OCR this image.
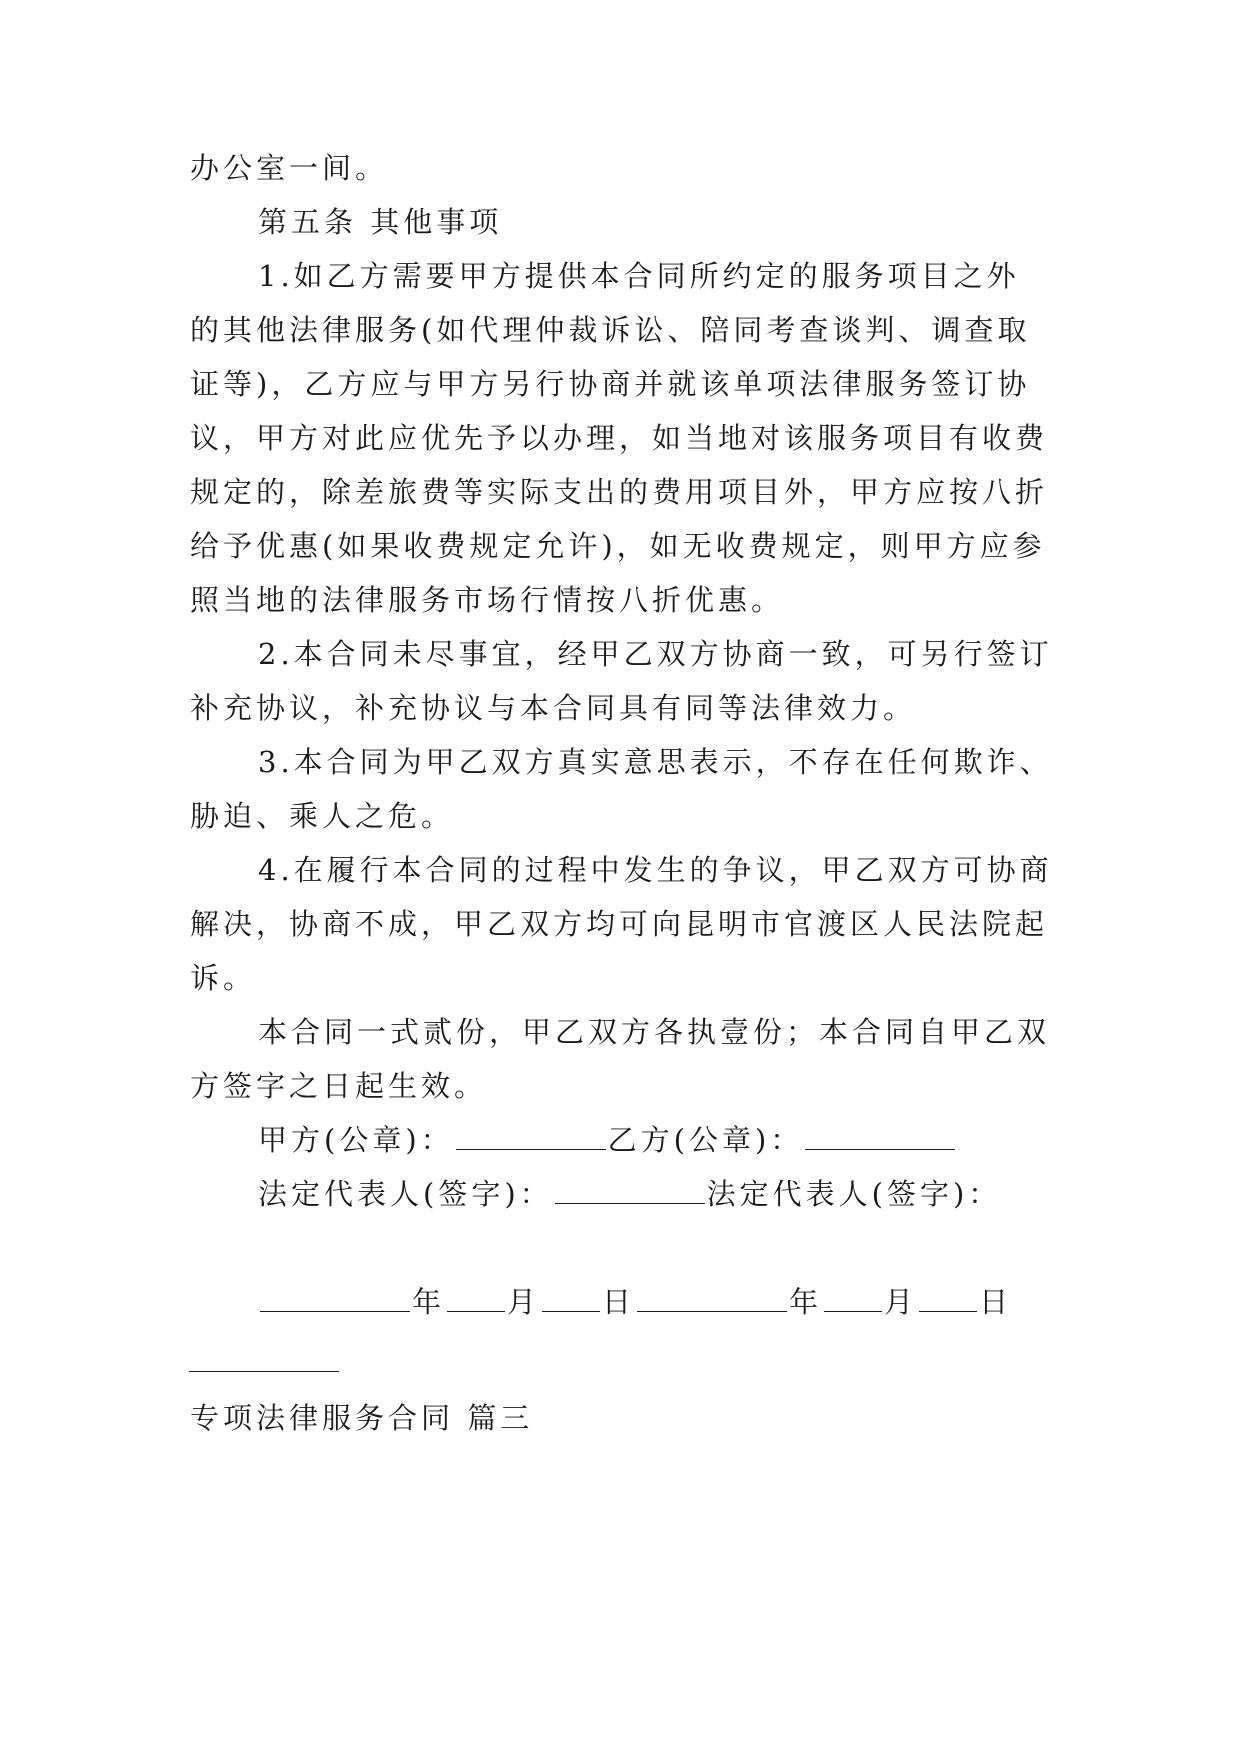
办公室一间。

第五条 其他事项

1.如乙方需要甲方提供本合同所约定的服务项目之外

的其他法律服务(如代理仲裁诉讼、陪同考查谈判、调查取

证等)，乙方应与甲方另行协商并就该单项法律服务签订协

议，甲方对此应优先予以办理，如当地对该服务项目有收费

规定的，除差旅费等实际支出的费用项目外，甲方应按八折

给予优惠(如果收费规定允许)，如无收费规定，则甲方应参

照当地的法律服务市场行情按八折优惠。

2.本合同未尽事宜，经甲乙双方协商一致，可另行签订

补充协议，补充协议与本合同具有同等法律效力。

3.本合同为甲乙双方真实意思表示，不存在任何欺诈、

胁迫、乘人之危。

4.在履行本合同的过程中发生的争议，甲乙双方可协商

解决，协商不成，甲乙双方均可向昆明市官渡区人民法院起

诉。

本合同一式贰份，甲乙双方各执壹份；本合同自甲乙双

方签字之日起生效。

甲方(公章)：	乙方(公章)：

法定代表人(签字)：	法定代表人(签字)：

年 月 日	年 月 日

专项法律服务合同 篇三
